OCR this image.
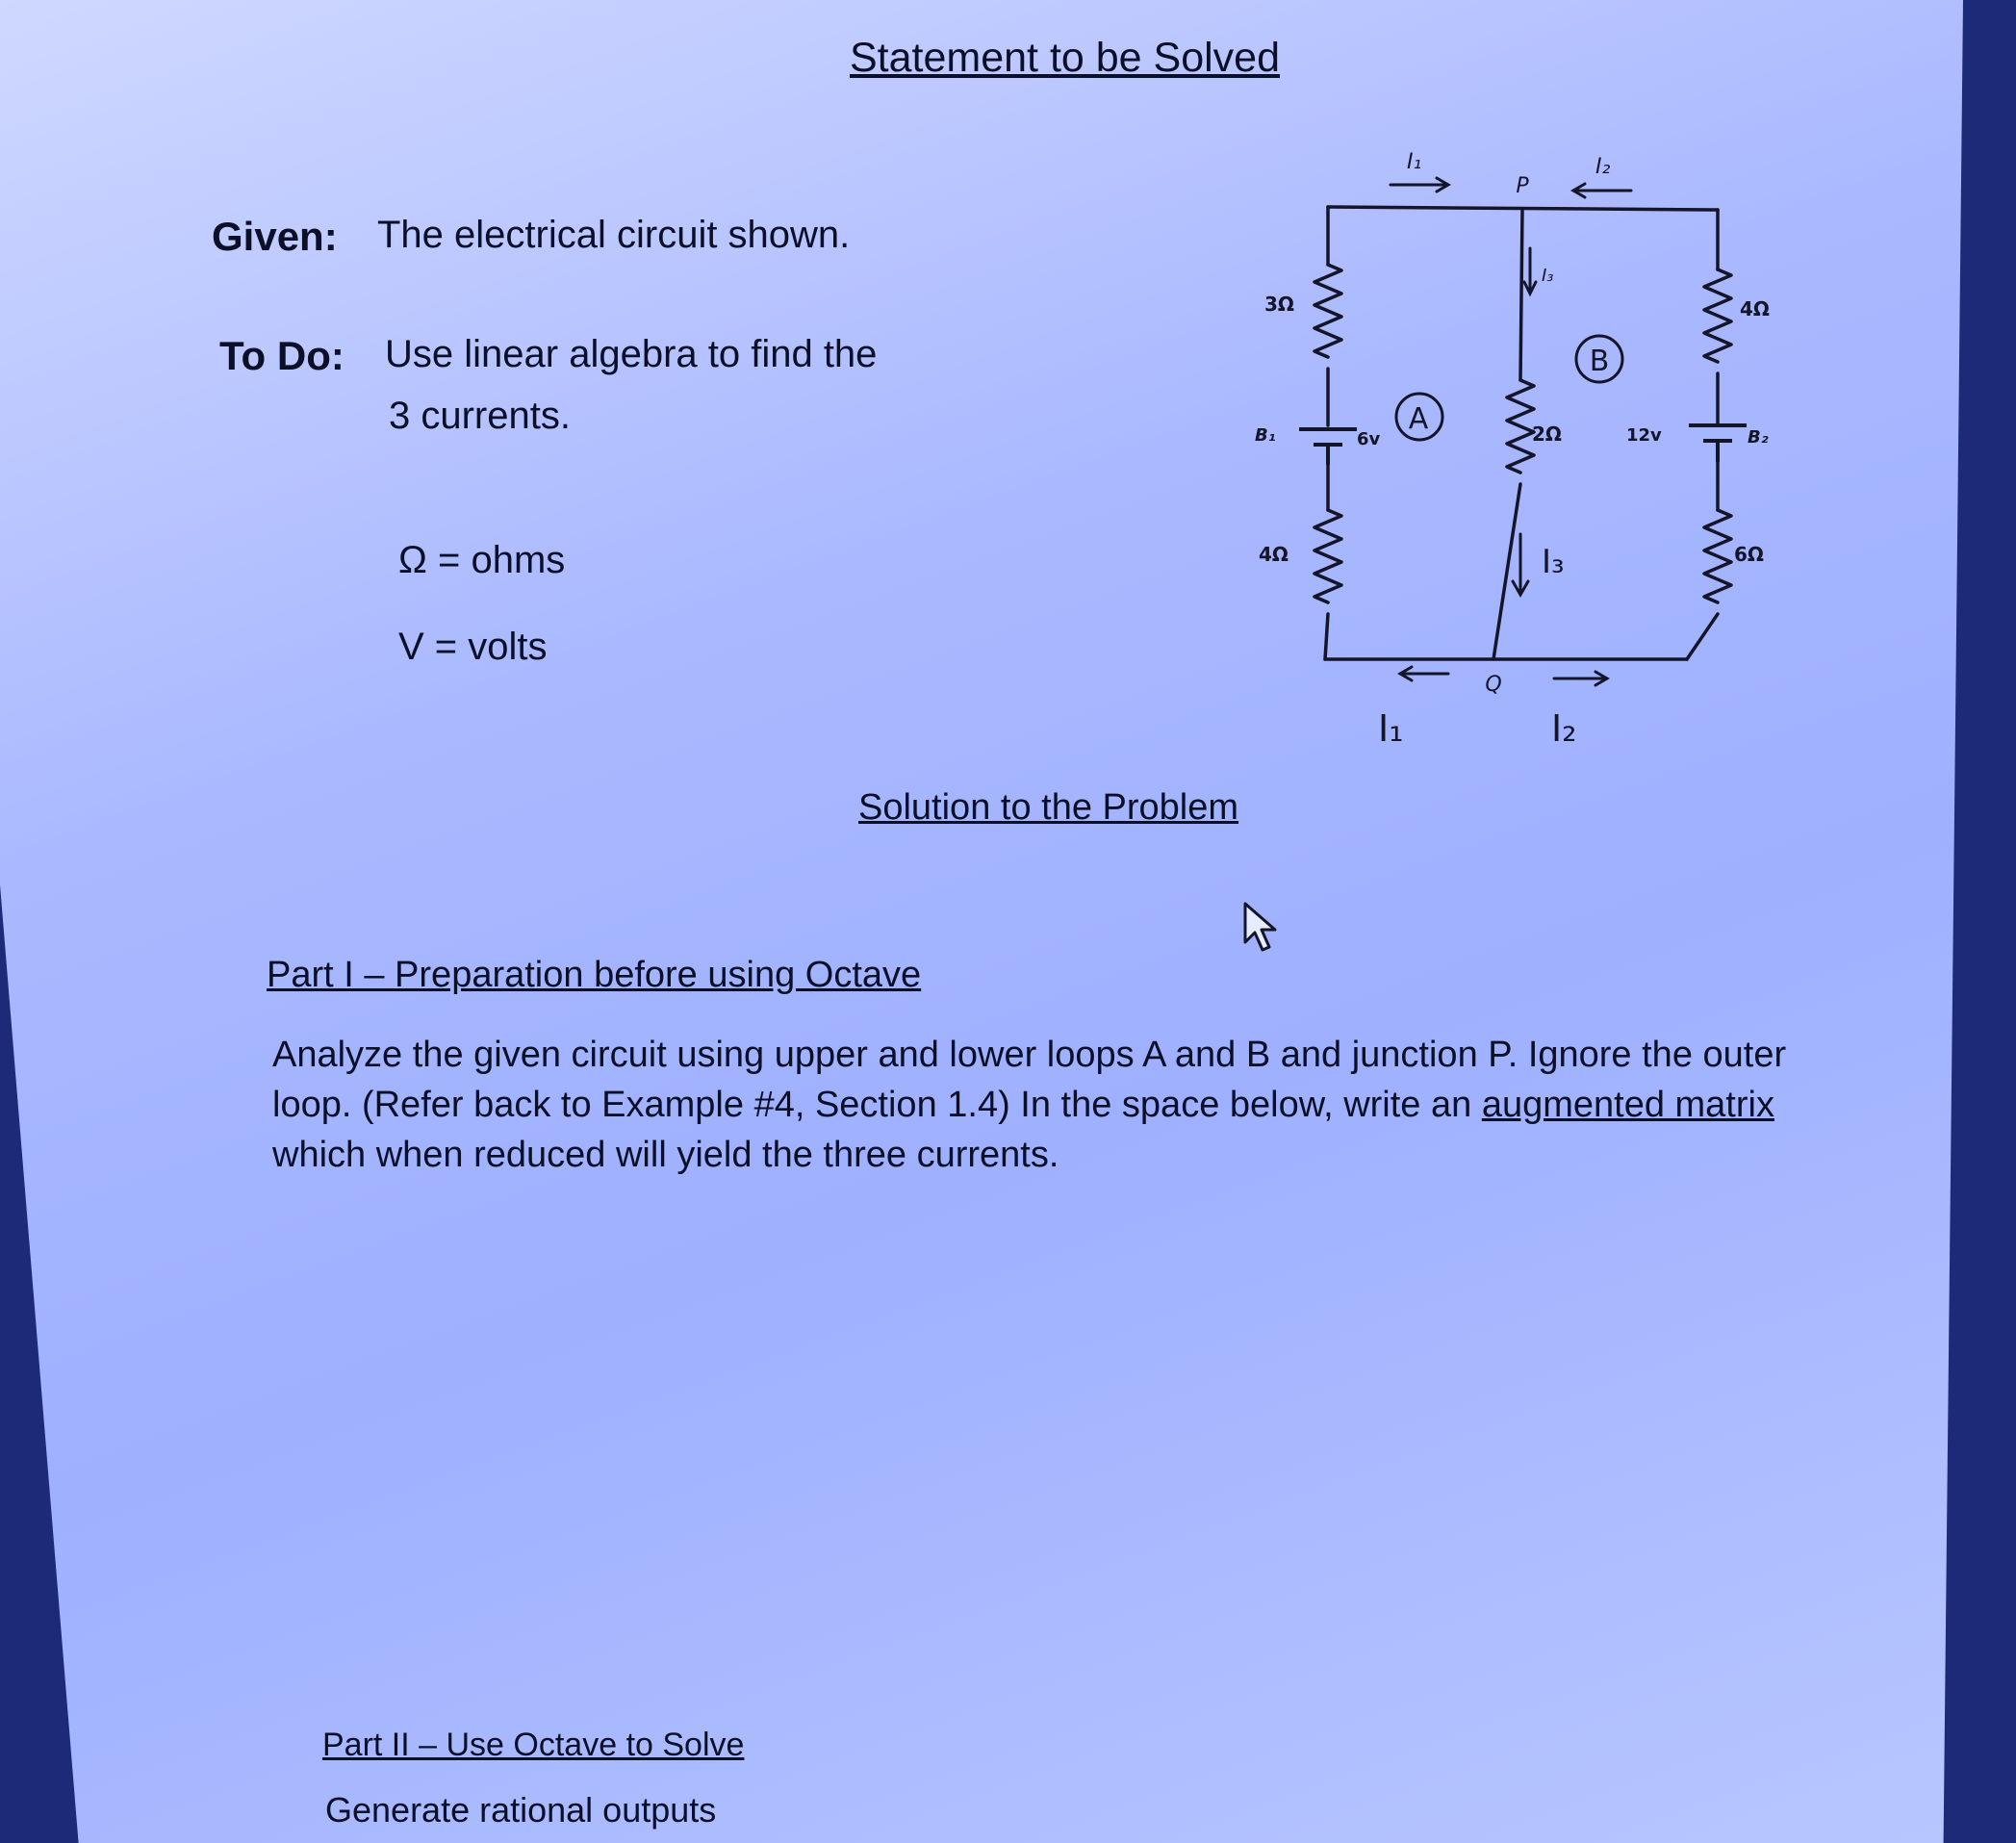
Statement to be Solved
Given: The electrical circuit shown.
To Do: Use linear algebra to find the
3 currents.
Ω = ohms
V = volts
A
B
P
Q
3Ω
4Ω
2Ω
4Ω
6Ω
B₁	B₂
6v	12v
I₁	I₂
I₃
I₃
I₁	I₂
Solution to the Problem
Part I – Preparation before using Octave
Analyze the given circuit using upper and lower loops A and B and junction P. Ignore the outer
loop. (Refer back to Example #4, Section 1.4) In the space below, write an augmented matrix
which when reduced will yield the three currents.
Part II – Use Octave to Solve
Generate rational outputs
